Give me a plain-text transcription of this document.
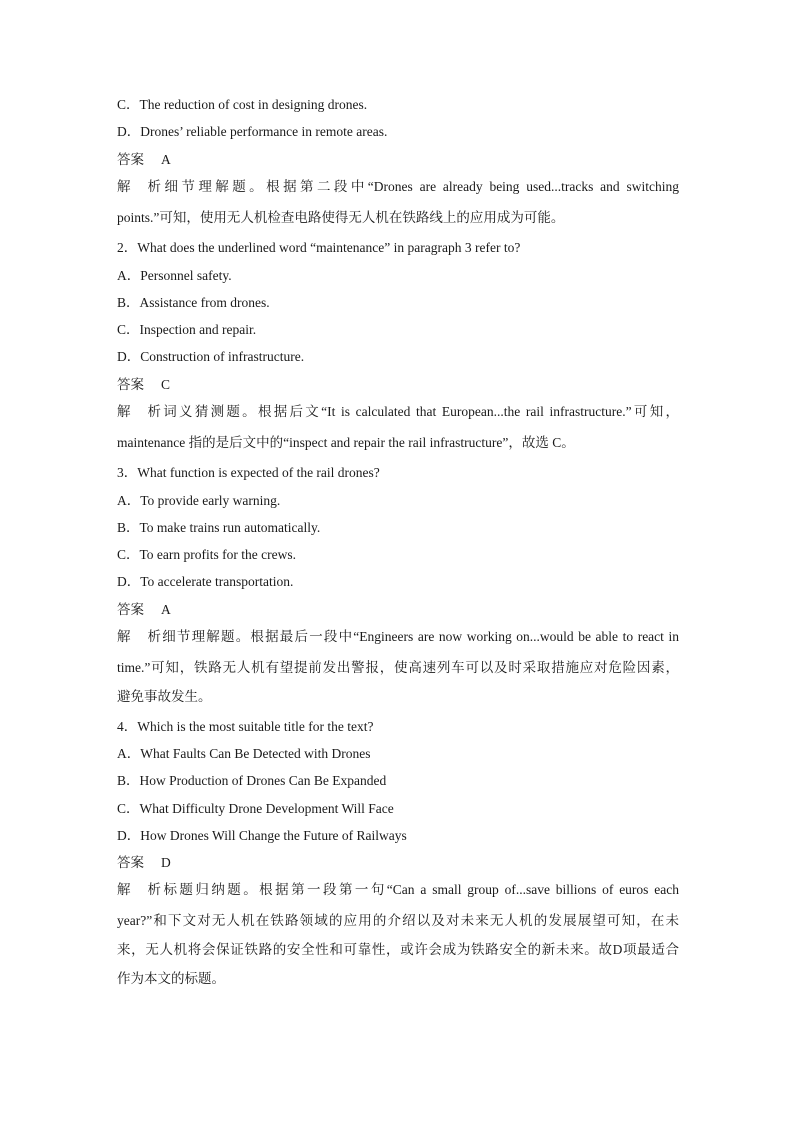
C．The reduction of cost in designing drones.
D．Drones’ reliable performance in remote areas.
答案 A
解析细节理解题。根据第二段中“Drones are already being used...tracks and switching
points.”可知，使用无人机检查电路使得无人机在铁路线上的应用成为可能。
2．What does the underlined word “maintenance” in paragraph 3 refer to?
A．Personnel safety.
B．Assistance from drones.
C．Inspection and repair.
D．Construction of infrastructure.
答案 C
解析词义猜测题。根据后文“It is calculated that European...the rail infrastructure.”可知，
maintenance 指的是后文中的“inspect and repair the rail infrastructure”，故选 C。
3．What function is expected of the rail drones?
A．To provide early warning.
B．To make trains run automatically.
C．To earn profits for the crews.
D．To accelerate transportation.
答案 A
解析细节理解题。根据最后一段中“Engineers are now working on...would be able to react in
time.”可知，铁路无人机有望提前发出警报，使高速列车可以及时采取措施应对危险因素，
避免事故发生。
4．Which is the most suitable title for the text?
A．What Faults Can Be Detected with Drones
B．How Production of Drones Can Be Expanded
C．What Difficulty Drone Development Will Face
D．How Drones Will Change the Future of Railways
答案 D
解析标题归纳题。根据第一段第一句“Can a small group of...save billions of euros each
year?”和下文对无人机在铁路领域的应用的介绍以及对未来无人机的发展展望可知，在未
来，无人机将会保证铁路的安全性和可靠性，或许会成为铁路安全的新未来。故D项最适合
作为本文的标题。
